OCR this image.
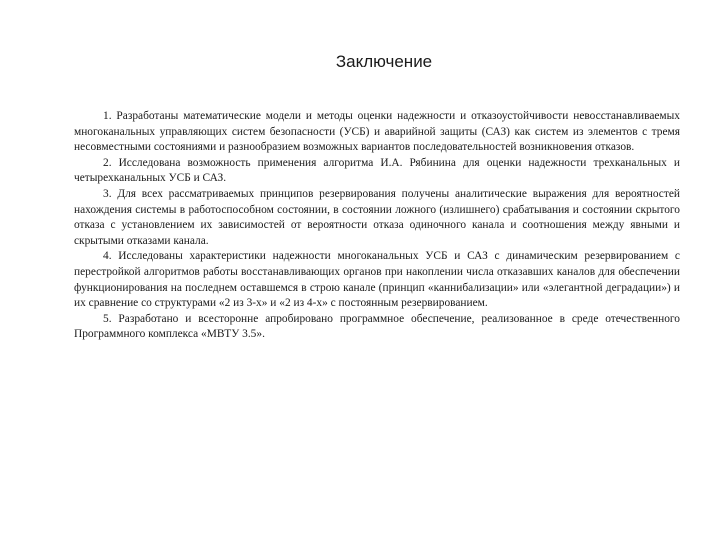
Заключение

1. Разработаны математические модели и методы оценки надежности и отказоустойчивости невосстанавливаемых многоканальных управляющих систем безопасности (УСБ) и аварийной защиты (САЗ) как систем из элементов с тремя несовместными состояниями и разнообразием возможных вариантов последовательностей возникновения отказов.

2. Исследована возможность применения алгоритма И.А. Рябинина для оценки надежности трехканальных и четырехканальных УСБ и САЗ.

3. Для всех рассматриваемых принципов резервирования получены аналитические выражения для вероятностей нахождения системы в работоспособном состоянии, в состоянии ложного (излишнего) срабатывания и состоянии скрытого отказа с установлением их зависимостей от вероятности отказа одиночного канала и соотношения между явными и скрытыми отказами канала.

4. Исследованы характеристики надежности многоканальных УСБ и САЗ с динамическим резервированием с перестройкой алгоритмов работы восстанавливающих органов при накоплении числа отказавших каналов для обеспечении функционирования на последнем оставшемся в строю канале (принцип «каннибализации» или «элегантной деградации») и их сравнение со структурами «2 из 3-х» и «2 из 4-х» с постоянным резервированием.

5. Разработано и всесторонне апробировано программное обеспечение, реализованное в среде отечественного Программного комплекса «МВТУ 3.5».
